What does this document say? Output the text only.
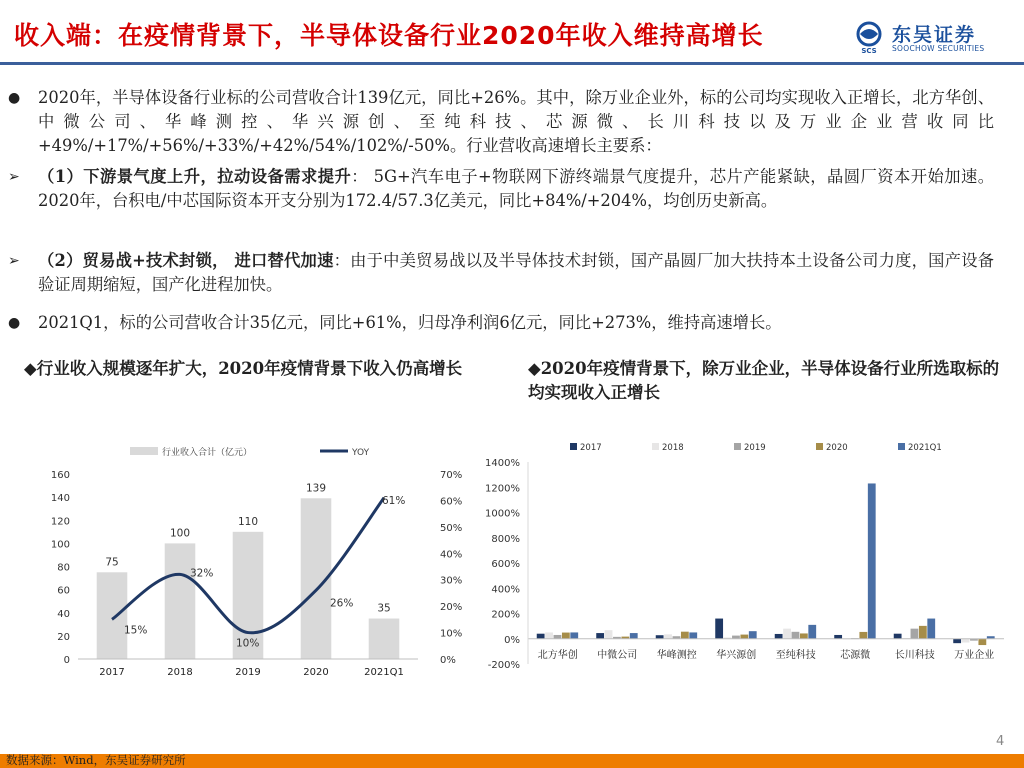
收入端：在疫情背景下，半导体设备行业2020年收入维持高增长
SCS
东吴证券
SOOCHOW SECURITIES
● 2020年，半导体设备行业标的公司营收合计139亿元，同比+26%。其中，除万业企业外，标的公司均实现收入正增长，北方华创、中微公司、华峰测控、华兴源创、至纯科技、芯源微、长川科技以及万业企业营收同比+49%/+17%/+56%/+33%/+42%/54%/102%/-50%。行业营收高速增长主要系：
➢ （1）下游景气度上升，拉动设备需求提升： 5G+汽车电子+物联网下游终端景气度提升，芯片产能紧缺，晶圆厂资本开始加速。2020年，台积电/中芯国际资本开支分别为172.4/57.3亿美元，同比+84%/+204%，均创历史新高。
➢ （2）贸易战+技术封锁， 进口替代加速：由于中美贸易战以及半导体技术封锁，国产晶圆厂加大扶持本土设备公司力度，国产设备验证周期缩短，国产化进程加快。
● 2021Q1，标的公司营收合计35亿元，同比+61%，归母净利润6亿元，同比+273%，维持高速增长。
◆行业收入规模逐年扩大，2020年疫情背景下收入仍高增长	◆2020年疫情背景下，除万业企业，半导体设备行业所选取标的均实现收入正增长
行业收入合计（亿元）	YOY
0
20
40
60
80
100
120
140
160
0%
10%
20%
30%
40%
50%
60%
70%
75
2017
100
2018
110
2019
139
2020
35
2021Q1
15%
32%
10%
26%
61%
2017	2018	2019	2020	2021Q1
-200%
0%
200%
400%
600%
800%
1000%
1200%
1400%
北方华创 中微公司 华峰测控 华兴源创 至纯科技 芯源微 长川科技 万业企业
4
数据来源：Wind，东吴证券研究所
